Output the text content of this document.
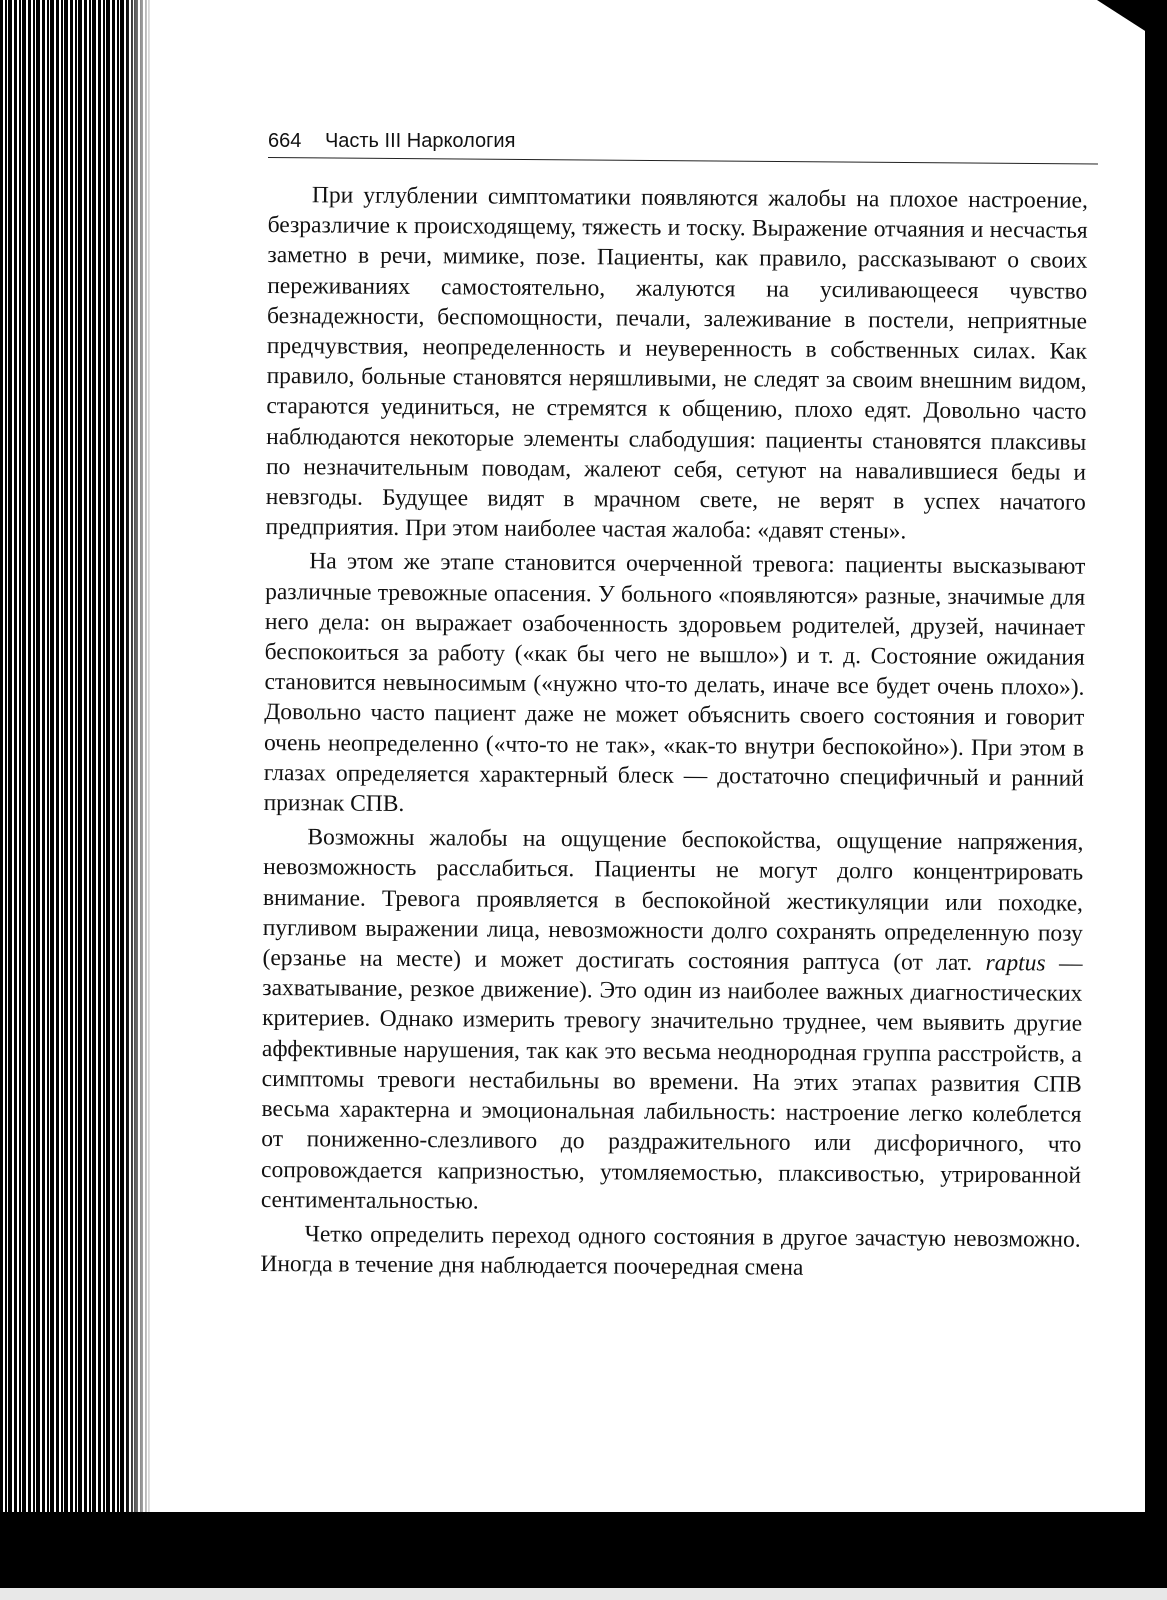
664 Часть III Наркология

При углублении симптоматики появляются жалобы на плохое настроение, безразличие к происходящему, тяжесть и тоску. Выражение отчаяния и несчастья заметно в речи, мимике, позе. Пациенты, как правило, рассказывают о своих переживаниях самостоятельно, жалуются на усиливающееся чувство безнадежности, беспомощности, печали, залеживание в постели, неприятные предчувствия, неопределенность и неуверенность в собственных силах. Как правило, больные становятся неряшливыми, не следят за своим внешним видом, стараются уединиться, не стремятся к общению, плохо едят. Довольно часто наблюдаются некоторые элементы слабодушия: пациенты становятся плаксивы по незначительным поводам, жалеют себя, сетуют на навалившиеся беды и невзгоды. Будущее видят в мрачном свете, не верят в успех начатого предприятия. При этом наиболее частая жалоба: «давят стены».

На этом же этапе становится очерченной тревога: пациенты высказывают различные тревожные опасения. У больного «появляются» разные, значимые для него дела: он выражает озабоченность здоровьем родителей, друзей, начинает беспокоиться за работу («как бы чего не вышло») и т. д. Состояние ожидания становится невыносимым («нужно что-то делать, иначе все будет очень плохо»). Довольно часто пациент даже не может объяснить своего состояния и говорит очень неопределенно («что-то не так», «как-то внутри беспокойно»). При этом в глазах определяется характерный блеск — достаточно специфичный и ранний признак СПВ.

Возможны жалобы на ощущение беспокойства, ощущение напряжения, невозможность расслабиться. Пациенты не могут долго концентрировать внимание. Тревога проявляется в беспокойной жестикуляции или походке, пугливом выражении лица, невозможности долго сохранять определенную позу (ерзанье на месте) и может достигать состояния раптуса (от лат. raptus — захватывание, резкое движение). Это один из наиболее важных диагностических критериев. Однако измерить тревогу значительно труднее, чем выявить другие аффективные нарушения, так как это весьма неоднородная группа расстройств, а симптомы тревоги нестабильны во времени. На этих этапах развития СПВ весьма характерна и эмоциональная лабильность: настроение легко колеблется от пониженно-слезливого до раздражительного или дисфоричного, что сопровождается капризностью, утомляемостью, плаксивостью, утрированной сентиментальностью.

Четко определить переход одного состояния в другое зачастую невозможно. Иногда в течение дня наблюдается поочередная смена
